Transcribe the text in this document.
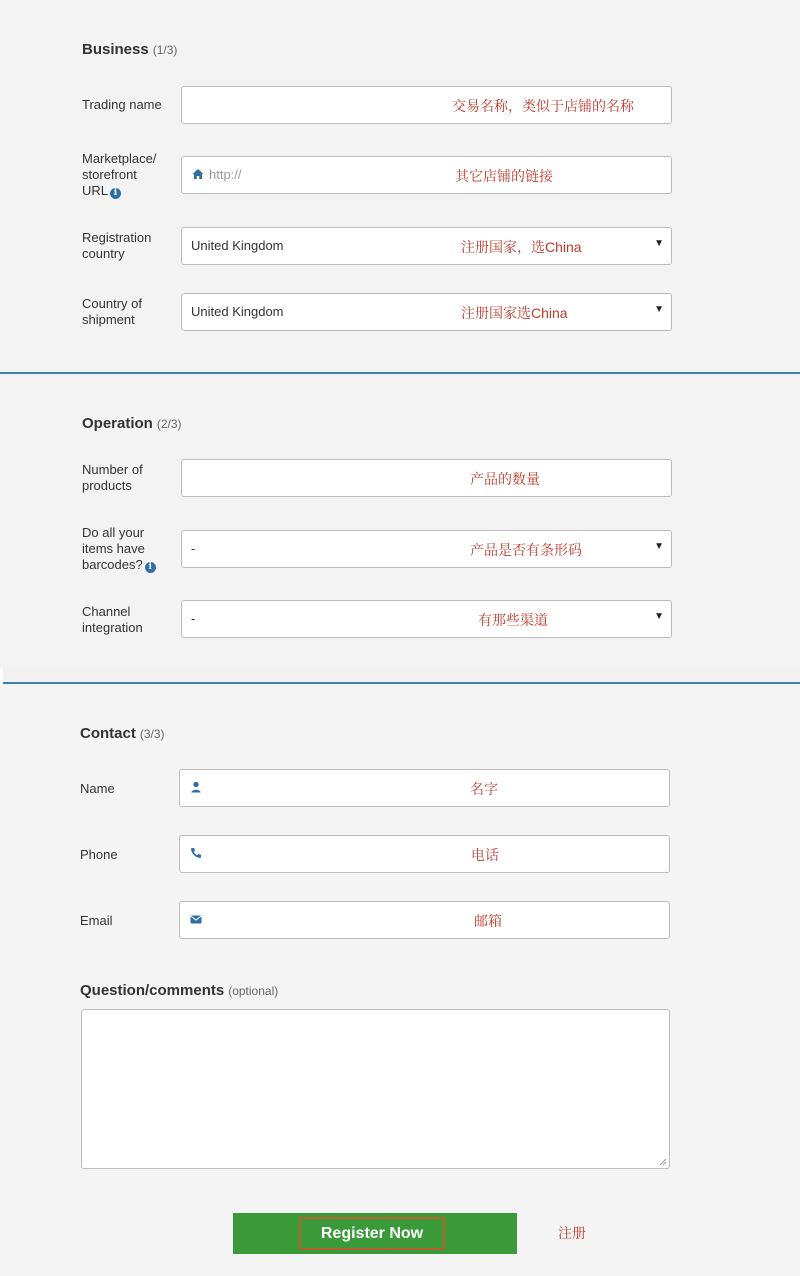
Business (1/3)
Trading name	交易名称，类似于店铺的名称
Marketplace/
storefront
URL i
http://	其它店铺的链接
Registration
country
United Kingdom	注册国家，选China	▼
Country of
shipment
United Kingdom	注册国家选China	▼
Operation (2/3)
Number of
products	产品的数量
Do all your
items have
barcodes? i
-	产品是否有条形码	▼
Channel
integration
-	有那些渠道	▼
Contact (3/3)
Name	名字
Phone	电话
Email	邮箱
Question/comments (optional)
Register Now	注册
